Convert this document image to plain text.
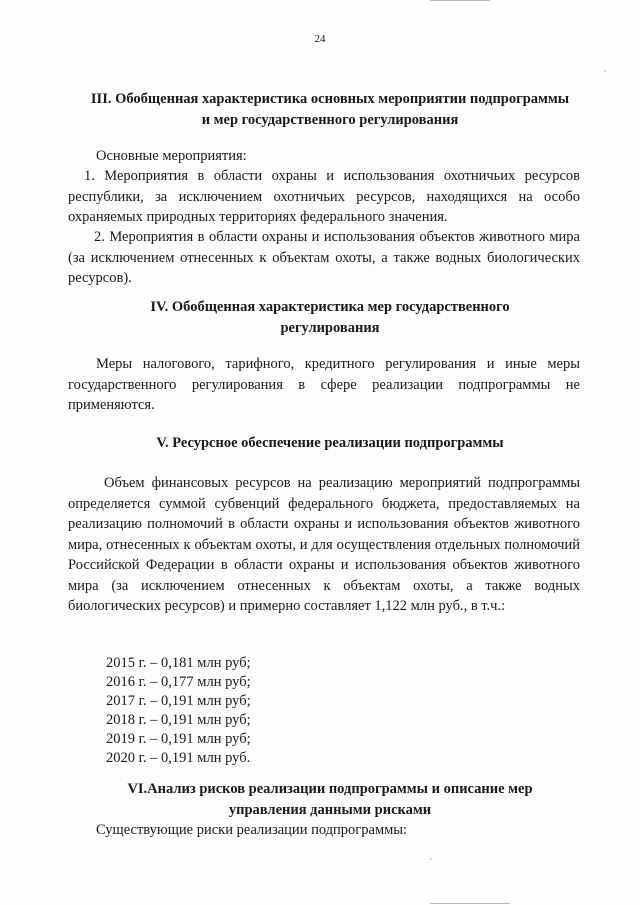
24
III. Обобщенная характеристика основных мероприятии подпрограммы
и мер государственного регулирования
Основные мероприятия:
1. Мероприятия в области охраны и использования охотничьих ресурсов республики, за исключением охотничьих ресурсов, находящихся на особо охраняемых природных территориях федерального значения.
2. Мероприятия в области охраны и использования объектов животного мира (за исключением отнесенных к объектам охоты, а также водных биологических ресурсов).
IV. Обобщенная характеристика мер государственного
регулирования
Меры налогового, тарифного, кредитного регулирования и иные меры государственного регулирования в сфере реализации подпрограммы не применяются.
V. Ресурсное обеспечение реализации подпрограммы
Объем финансовых ресурсов на реализацию мероприятий подпрограммы определяется суммой субвенций федерального бюджета, предоставляемых на реализацию полномочий в области охраны и использования объектов животного мира, отнесенных к объектам охоты, и для осуществления отдельных полномочий Российской Федерации в области охраны и использования объектов животного мира (за исключением отнесенных к объектам охоты, а также водных биологических ресурсов) и примерно составляет 1,122 млн руб., в т.ч.:
2015 г. – 0,181 млн руб;
2016 г. – 0,177 млн руб;
2017 г. – 0,191 млн руб;
2018 г. – 0,191 млн руб;
2019 г. – 0,191 млн руб;
2020 г. – 0,191 млн руб.
VI.Анализ рисков реализации подпрограммы и описание мер
управления данными рисками
Существующие риски реализации подпрограммы:
